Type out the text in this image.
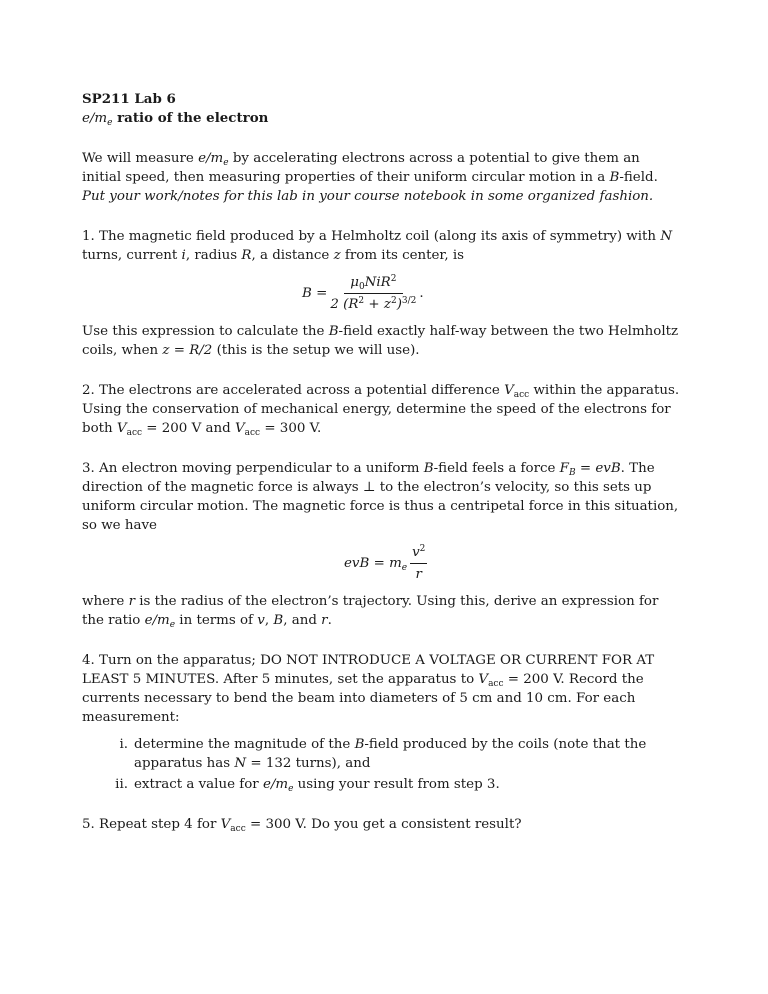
SP211 Lab 6

$e/m_e$ ratio of the electron

We will measure $e/m_e$ by accelerating electrons across a potential to give them an initial speed, then measuring properties of their uniform circular motion in a B-field.

Put your work/notes for this lab in your course notebook in some organized fashion.

1. The magnetic field produced by a Helmholtz coil (along its axis of symmetry) with N turns, current i, radius R, a distance z from its center, is

$B = \frac{\mu_0NiR^2}{2 (R^2 + z^2)^{3/2}}$ .

Use this expression to calculate the B-field exactly half-way between the two Helmholtz coils, when z = R/2 (this is the setup we will use).

2. The electrons are accelerated across a potential difference $V_{acc}$ within the apparatus. Using the conservation of mechanical energy, determine the speed of the electrons for both $V_{acc} = 200$ V and $V_{acc} = 300$ V.

3. An electron moving perpendicular to a uniform B-field feels a force $F_B$ = evB. The direction of the magnetic force is always ⊥ to the electron’s velocity, so this sets up uniform circular motion. The magnetic force is thus a centripetal force in this situation, so we have

evB = $m_e \frac{v^2}{r}$

where r is the radius of the electron’s trajectory. Using this, derive an expression for the ratio $e/m_e$ in terms of v, B, and r.

4. Turn on the apparatus; DO NOT INTRODUCE A VOLTAGE OR CURRENT FOR AT LEAST 5 MINUTES. After 5 minutes, set the apparatus to $V_{acc} = 200$ V. Record the currents necessary to bend the beam into diameters of 5 cm and 10 cm. For each measurement:

i. determine the magnitude of the B-field produced by the coils (note that the apparatus has N = 132 turns), and
ii. extract a value for $e/m_e$ using your result from step 3.

5. Repeat step 4 for $V_{acc} = 300$ V. Do you get a consistent result?
